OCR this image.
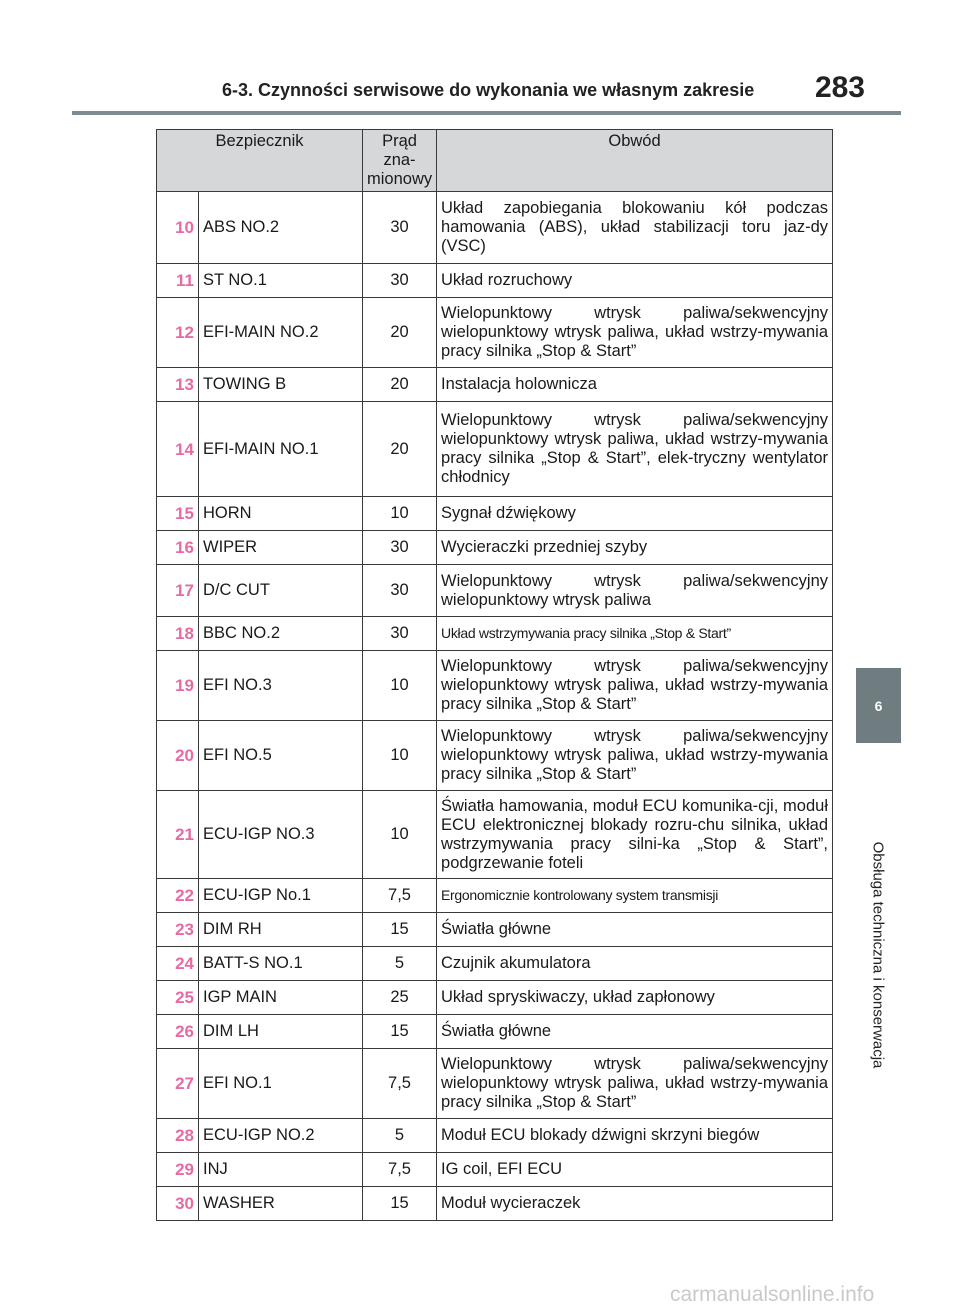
6-3. Czynności serwisowe do wykonania we własnym zakresie	283
6
Obsługa techniczna i konserwacja
Bezpiecznik		Prąd zna-mionowy	Obwód
10	ABS NO.2	30	Układ zapobiegania blokowaniu kół podczas hamowania (ABS), układ stabilizacji toru jaz-dy (VSC)
11	ST NO.1	30	Układ rozruchowy
12	EFI-MAIN NO.2	20	Wielopunktowy wtrysk paliwa/sekwencyjny wielopunktowy wtrysk paliwa, układ wstrzy-mywania pracy silnika „Stop & Start”
13	TOWING B	20	Instalacja holownicza
14	EFI-MAIN NO.1	20	Wielopunktowy wtrysk paliwa/sekwencyjny wielopunktowy wtrysk paliwa, układ wstrzy-mywania pracy silnika „Stop & Start”, elek-tryczny wentylator chłodnicy
15	HORN	10	Sygnał dźwiękowy
16	WIPER	30	Wycieraczki przedniej szyby
17	D/C CUT	30	Wielopunktowy wtrysk paliwa/sekwencyjny wielopunktowy wtrysk paliwa
18	BBC NO.2	30	Układ wstrzymywania pracy silnika „Stop & Start”
19	EFI NO.3	10	Wielopunktowy wtrysk paliwa/sekwencyjny wielopunktowy wtrysk paliwa, układ wstrzy-mywania pracy silnika „Stop & Start”
20	EFI NO.5	10	Wielopunktowy wtrysk paliwa/sekwencyjny wielopunktowy wtrysk paliwa, układ wstrzy-mywania pracy silnika „Stop & Start”
21	ECU-IGP NO.3	10	Światła hamowania, moduł ECU komunika-cji, moduł ECU elektronicznej blokady rozru-chu silnika, układ wstrzymywania pracy silni-ka „Stop & Start”, podgrzewanie foteli
22	ECU-IGP No.1	7,5	Ergonomicznie kontrolowany system transmisji
23	DIM RH	15	Światła główne
24	BATT-S NO.1	5	Czujnik akumulatora
25	IGP MAIN	25	Układ spryskiwaczy, układ zapłonowy
26	DIM LH	15	Światła główne
27	EFI NO.1	7,5	Wielopunktowy wtrysk paliwa/sekwencyjny wielopunktowy wtrysk paliwa, układ wstrzy-mywania pracy silnika „Stop & Start”
28	ECU-IGP NO.2	5	Moduł ECU blokady dźwigni skrzyni biegów
29	INJ	7,5	IG coil, EFI ECU
30	WASHER	15	Moduł wycieraczek
carmanualsonline.info
